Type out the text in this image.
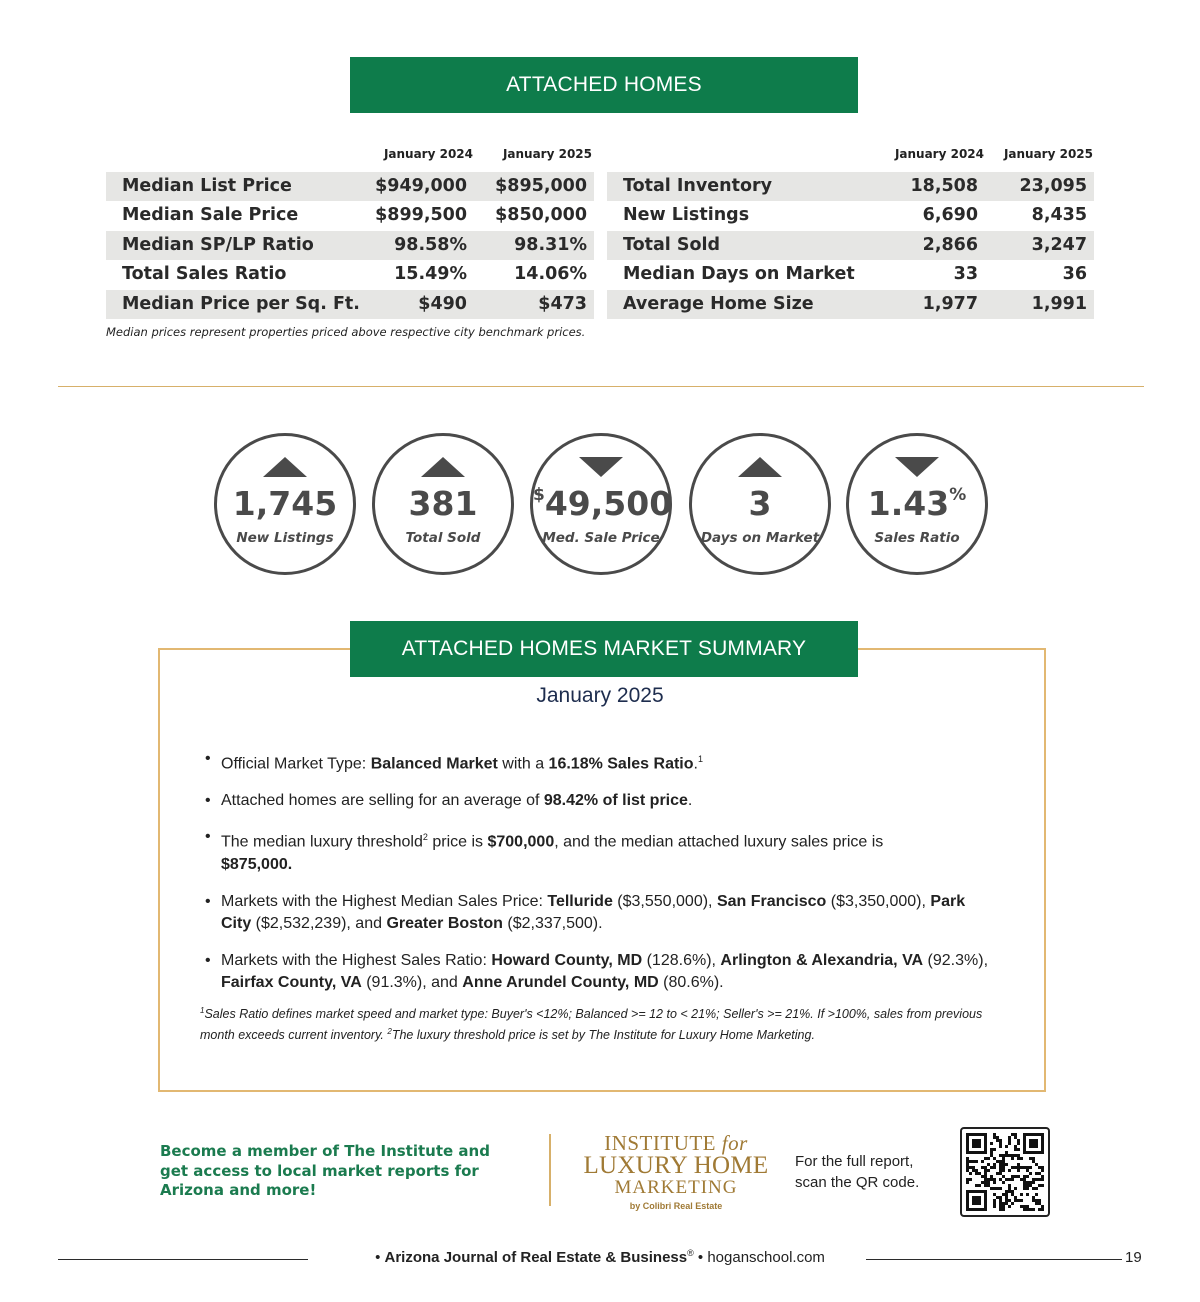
ATTACHED HOMES
January 2024 January 2025
Median List Price	$949,000 $895,000
Median Sale Price	$899,500 $850,000
Median SP/LP Ratio	98.58%	98.31%
Total Sales Ratio	15.49%	14.06%
Median Price per Sq. Ft.	$490	$473
January 2024 January 2025
Total Inventory	18,508 23,095
New Listings	6,690	8,435
Total Sold	2,866	3,247
Median Days on Market	33	36
Average Home Size	1,977	1,991
Median prices represent properties priced above respective city benchmark prices.
1,745
New Listings
381
Total Sold
$49,500
Med. Sale Price
3
Days on Market
1.43%
Sales Ratio
ATTACHED HOMES MARKET SUMMARY
January 2025
• Official Market Type: Balanced Market with a 16.18% Sales Ratio.$^1$
• Attached homes are selling for an average of 98.42% of list price.
• The median luxury threshold$^2$ price is $700,000, and the median attached luxury sales price is $875,000.
• Markets with the Highest Median Sales Price: Telluride ($3,550,000), San Francisco ($3,350,000), Park City ($2,532,239), and Greater Boston ($2,337,500).
• Markets with the Highest Sales Ratio: Howard County, MD (128.6%), Arlington & Alexandria, VA (92.3%), Fairfax County, VA (91.3%), and Anne Arundel County, MD (80.6%).
$^1$Sales Ratio defines market speed and market type: Buyer's <12%; Balanced >= 12 to < 21%; Seller's >= 21%. If >100%, sales from previous month exceeds current inventory. $^2$The luxury threshold price is set by The Institute for Luxury Home Marketing.
Become a member of The Institute and get access to local market reports for Arizona and more!
INSTITUTE for
LUXURY HOME
MARKETING
by Colibri Real Estate
For the full report,
scan the QR code.
• Arizona Journal of Real Estate & Business® • hoganschool.com	19
